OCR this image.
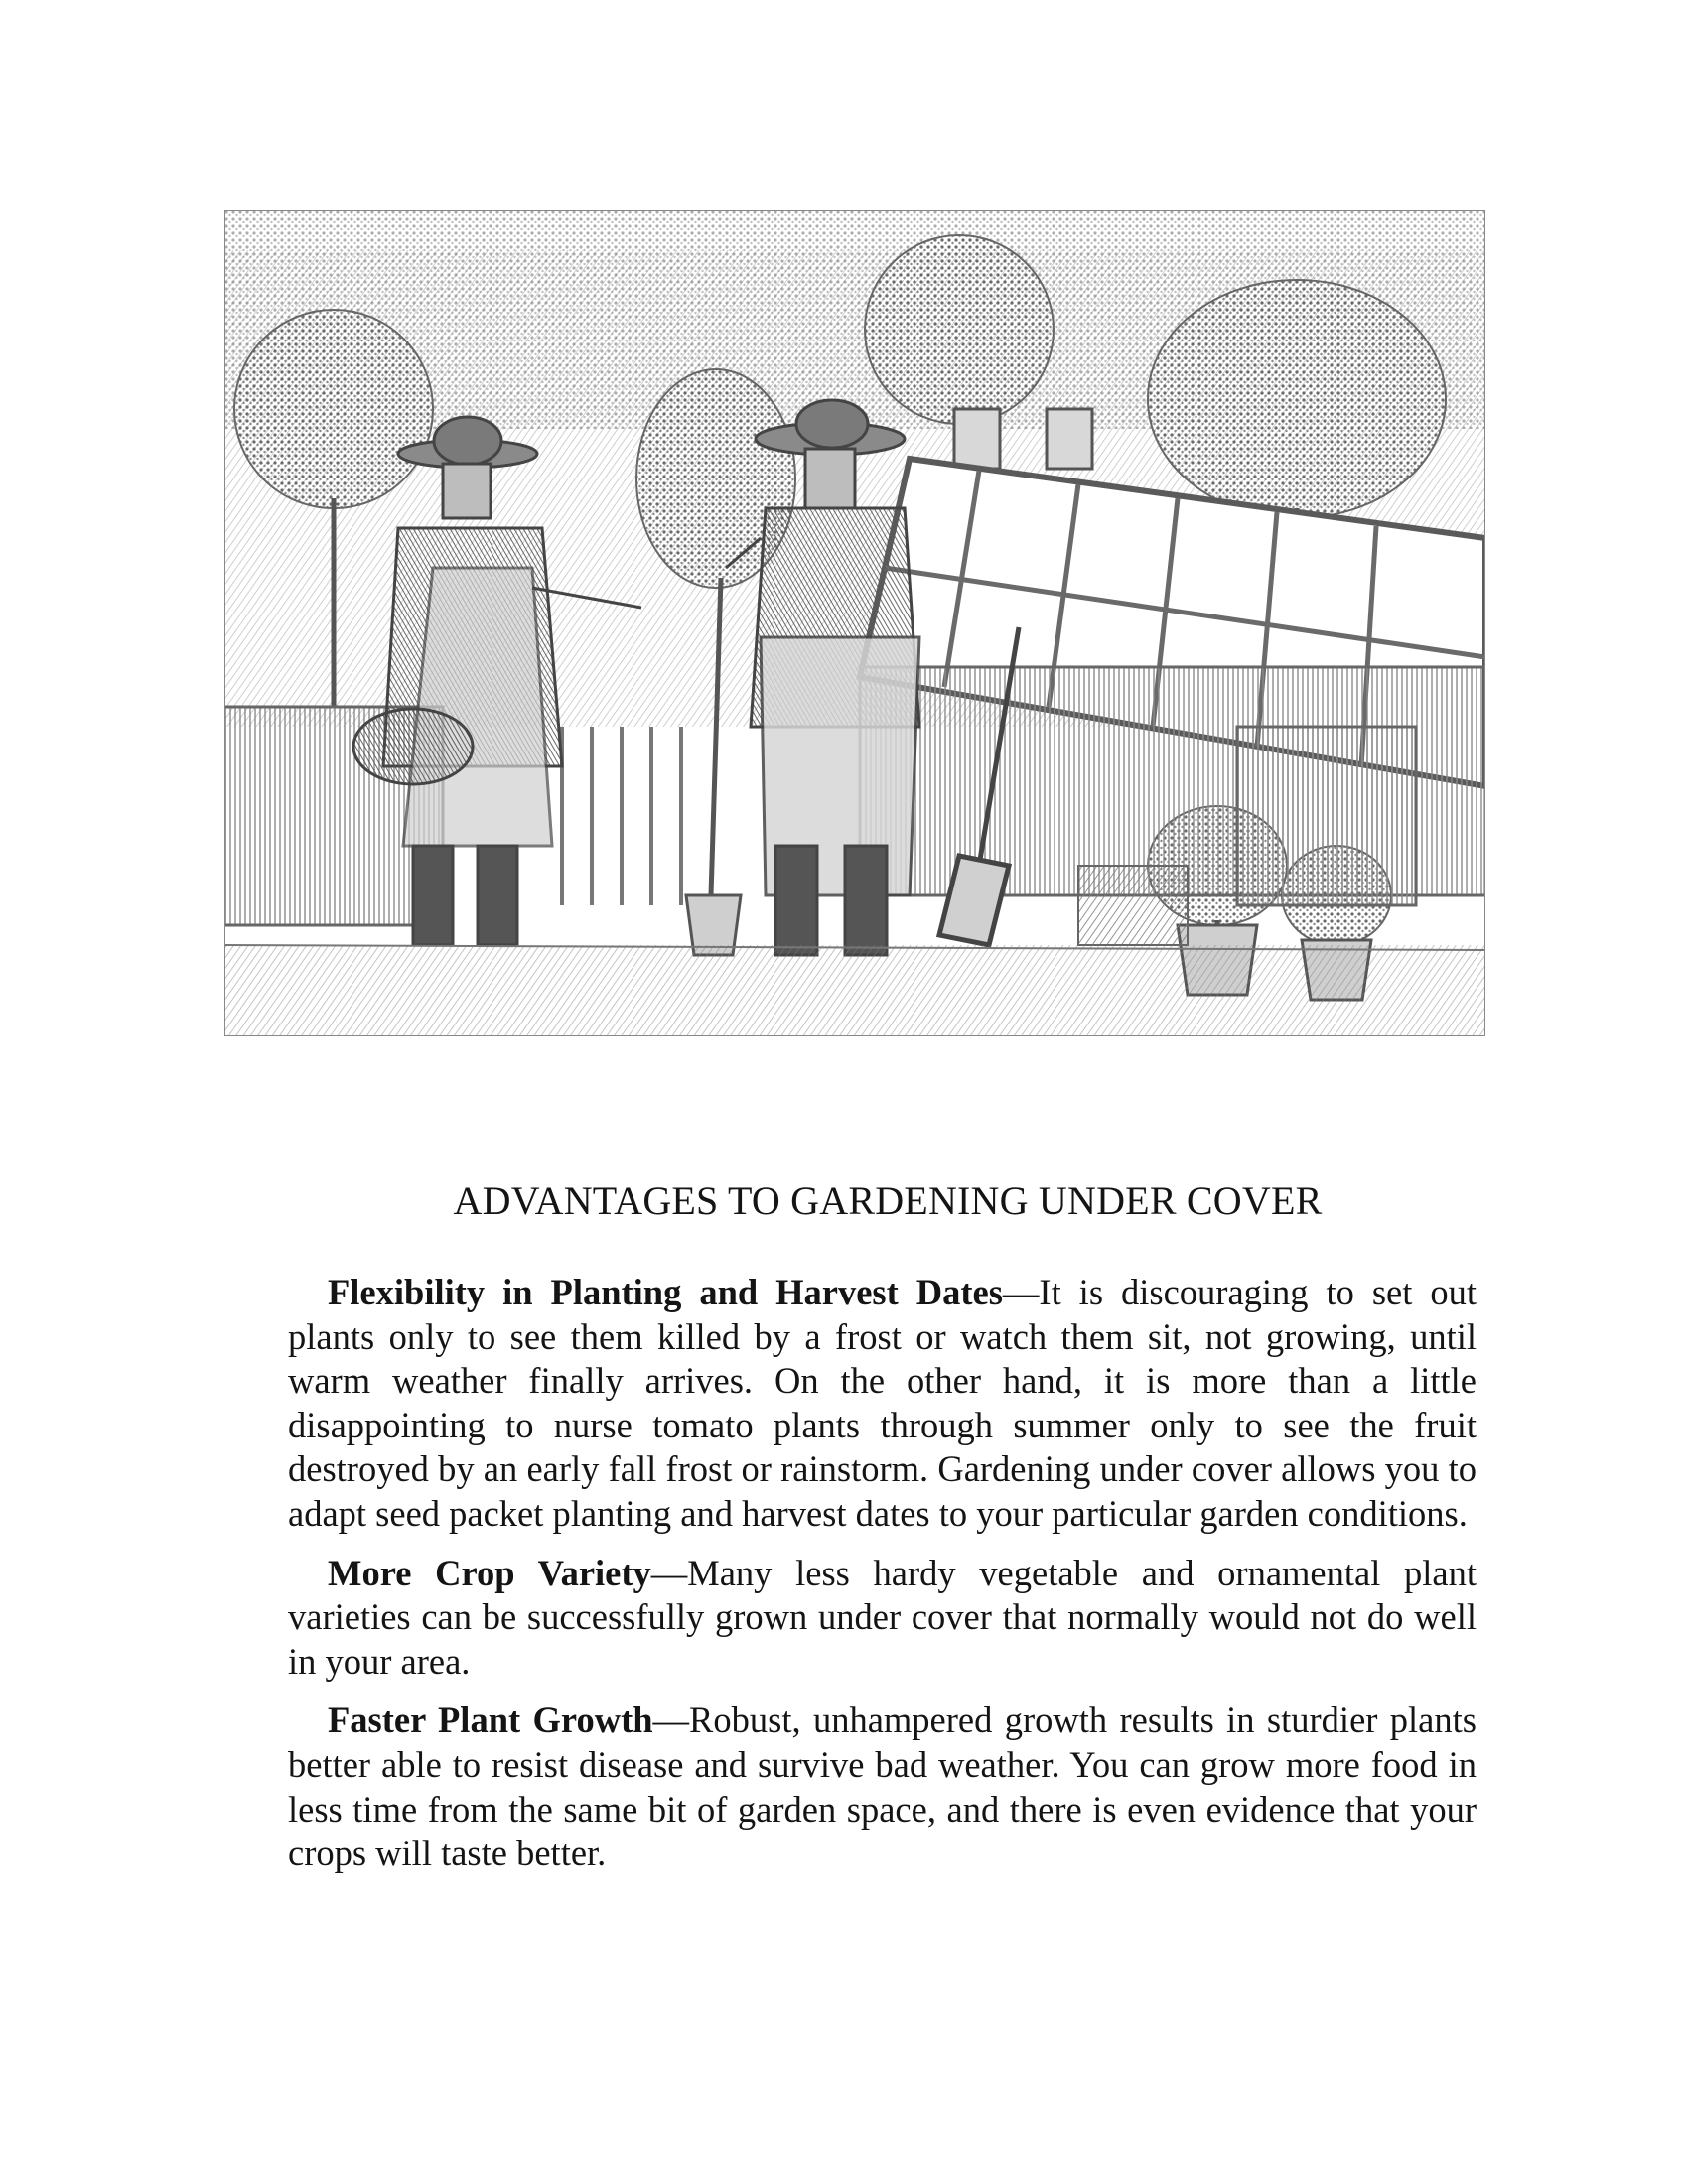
ADVANTAGES TO GARDENING UNDER COVER

Flexibility in Planting and Harvest Dates—It is discouraging to set out plants only to see them killed by a frost or watch them sit, not growing, until warm weather finally arrives. On the other hand, it is more than a little disappointing to nurse tomato plants through summer only to see the fruit destroyed by an early fall frost or rainstorm. Gardening under cover allows you to adapt seed packet planting and harvest dates to your particular garden conditions.

More Crop Variety—Many less hardy vegetable and ornamental plant varieties can be successfully grown under cover that normally would not do well in your area.

Faster Plant Growth—Robust, unhampered growth results in sturdier plants better able to resist disease and survive bad weather. You can grow more food in less time from the same bit of garden space, and there is even evidence that your crops will taste better.
